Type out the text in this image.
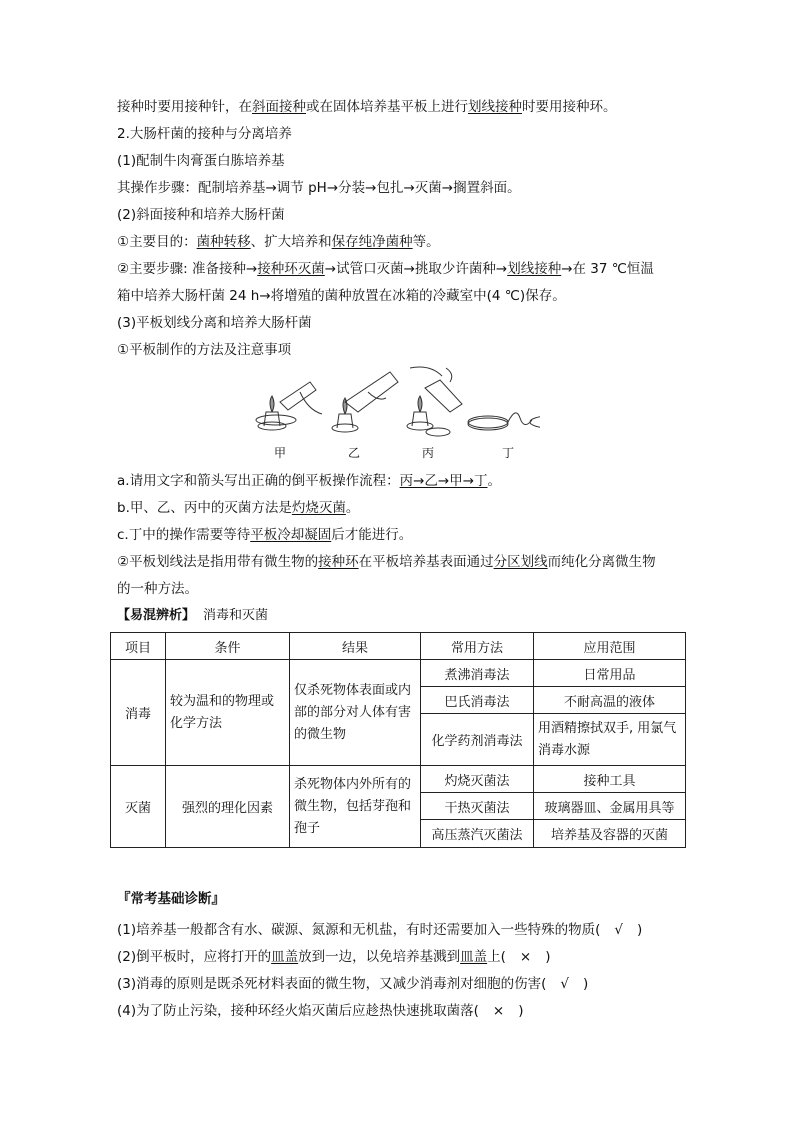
接种时要用接种针，在斜面接种或在固体培养基平板上进行划线接种时要用接种环。
2.大肠杆菌的接种与分离培养
(1)配制牛肉膏蛋白胨培养基
其操作步骤：配制培养基→调节 pH→分装→包扎→灭菌→搁置斜面。
(2)斜面接种和培养大肠杆菌
①主要目的：菌种转移、扩大培养和保存纯净菌种等。
②主要步骤: 准备接种→接种环灭菌→试管口灭菌→挑取少许菌种→划线接种→在 37 ℃恒温
箱中培养大肠杆菌 24 h→将增殖的菌种放置在冰箱的冷藏室中(4 ℃)保存。
(3)平板划线分离和培养大肠杆菌
①平板制作的方法及注意事项
甲	乙	丙	丁
a.请用文字和箭头写出正确的倒平板操作流程：丙→乙→甲→丁。
b.甲、乙、丙中的灭菌方法是灼烧灭菌。
c.丁中的操作需要等待平板冷却凝固后才能进行。
②平板划线法是指用带有微生物的接种环在平板培养基表面通过分区划线而纯化分离微生物
的一种方法。
【易混辨析】 消毒和灭菌
项目	条件	结果	常用方法	应用范围
消毒	较为温和的物理或化学方法	仅杀死物体表面或内部的部分对人体有害的微生物	煮沸消毒法	日常用品
			巴氏消毒法	不耐高温的液体
			化学药剂消毒法	用酒精擦拭双手, 用氯气消毒水源
灭菌	强烈的理化因素	杀死物体内外所有的微生物，包括芽孢和孢子	灼烧灭菌法	接种工具
			干热灭菌法	玻璃器皿、金属用具等
			高压蒸汽灭菌法	培养基及容器的灭菌
『常考基础诊断』
(1)培养基一般都含有水、碳源、氮源和无机盐，有时还需要加入一些特殊的物质( √ )
(2)倒平板时，应将打开的皿盖放到一边，以免培养基溅到皿盖上( × )
(3)消毒的原则是既杀死材料表面的微生物，又减少消毒剂对细胞的伤害( √ )
(4)为了防止污染，接种环经火焰灭菌后应趁热快速挑取菌落( × )
